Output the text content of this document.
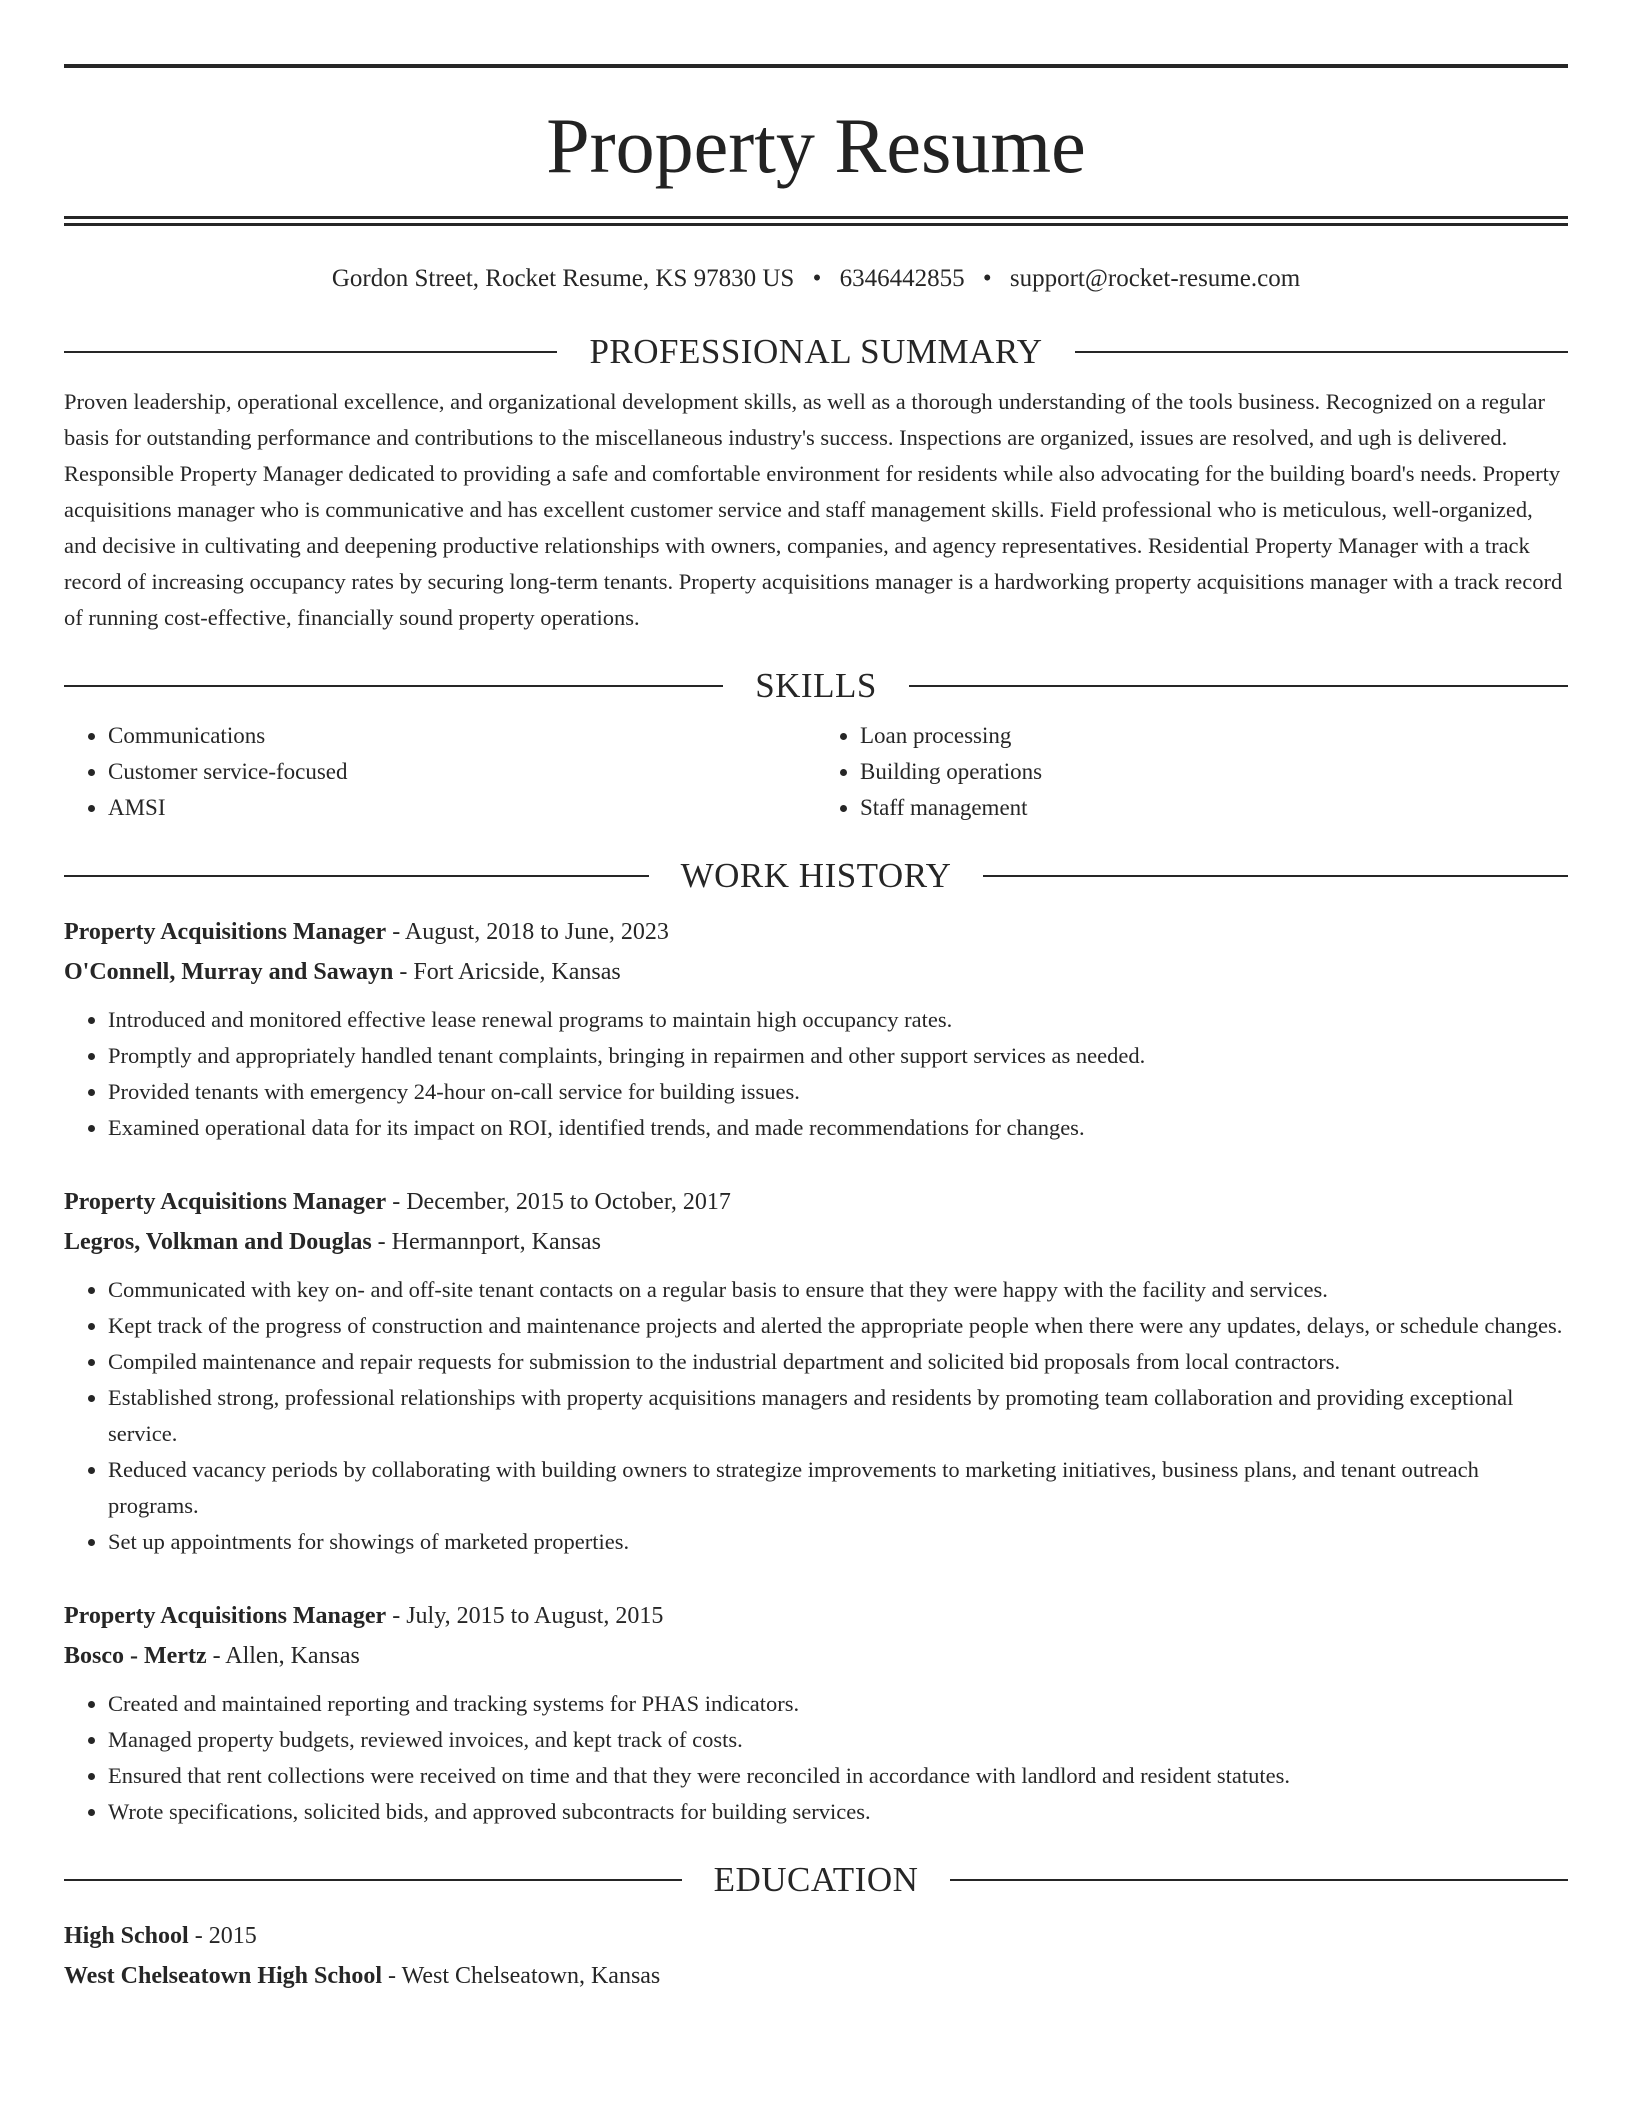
Property Resume
Gordon Street, Rocket Resume, KS 97830 US • 6346442855 • support@rocket-resume.com
PROFESSIONAL SUMMARY
Proven leadership, operational excellence, and organizational development skills, as well as a thorough understanding of the tools business. Recognized on a regular basis for outstanding performance and contributions to the miscellaneous industry's success. Inspections are organized, issues are resolved, and ugh is delivered. Responsible Property Manager dedicated to providing a safe and comfortable environment for residents while also advocating for the building board's needs. Property acquisitions manager who is communicative and has excellent customer service and staff management skills. Field professional who is meticulous, well-organized, and decisive in cultivating and deepening productive relationships with owners, companies, and agency representatives. Residential Property Manager with a track record of increasing occupancy rates by securing long-term tenants. Property acquisitions manager is a hardworking property acquisitions manager with a track record of running cost-effective, financially sound property operations.
SKILLS
• Communications
• Customer service-focused
• AMSI
• Loan processing
• Building operations
• Staff management
WORK HISTORY
Property Acquisitions Manager - August, 2018 to June, 2023
O'Connell, Murray and Sawayn - Fort Aricside, Kansas
• Introduced and monitored effective lease renewal programs to maintain high occupancy rates.
• Promptly and appropriately handled tenant complaints, bringing in repairmen and other support services as needed.
• Provided tenants with emergency 24-hour on-call service for building issues.
• Examined operational data for its impact on ROI, identified trends, and made recommendations for changes.
Property Acquisitions Manager - December, 2015 to October, 2017
Legros, Volkman and Douglas - Hermannport, Kansas
• Communicated with key on- and off-site tenant contacts on a regular basis to ensure that they were happy with the facility and services.
• Kept track of the progress of construction and maintenance projects and alerted the appropriate people when there were any updates, delays, or schedule changes.
• Compiled maintenance and repair requests for submission to the industrial department and solicited bid proposals from local contractors.
• Established strong, professional relationships with property acquisitions managers and residents by promoting team collaboration and providing exceptional service.
• Reduced vacancy periods by collaborating with building owners to strategize improvements to marketing initiatives, business plans, and tenant outreach programs.
• Set up appointments for showings of marketed properties.
Property Acquisitions Manager - July, 2015 to August, 2015
Bosco - Mertz - Allen, Kansas
• Created and maintained reporting and tracking systems for PHAS indicators.
• Managed property budgets, reviewed invoices, and kept track of costs.
• Ensured that rent collections were received on time and that they were reconciled in accordance with landlord and resident statutes.
• Wrote specifications, solicited bids, and approved subcontracts for building services.
EDUCATION
High School - 2015
West Chelseatown High School - West Chelseatown, Kansas
